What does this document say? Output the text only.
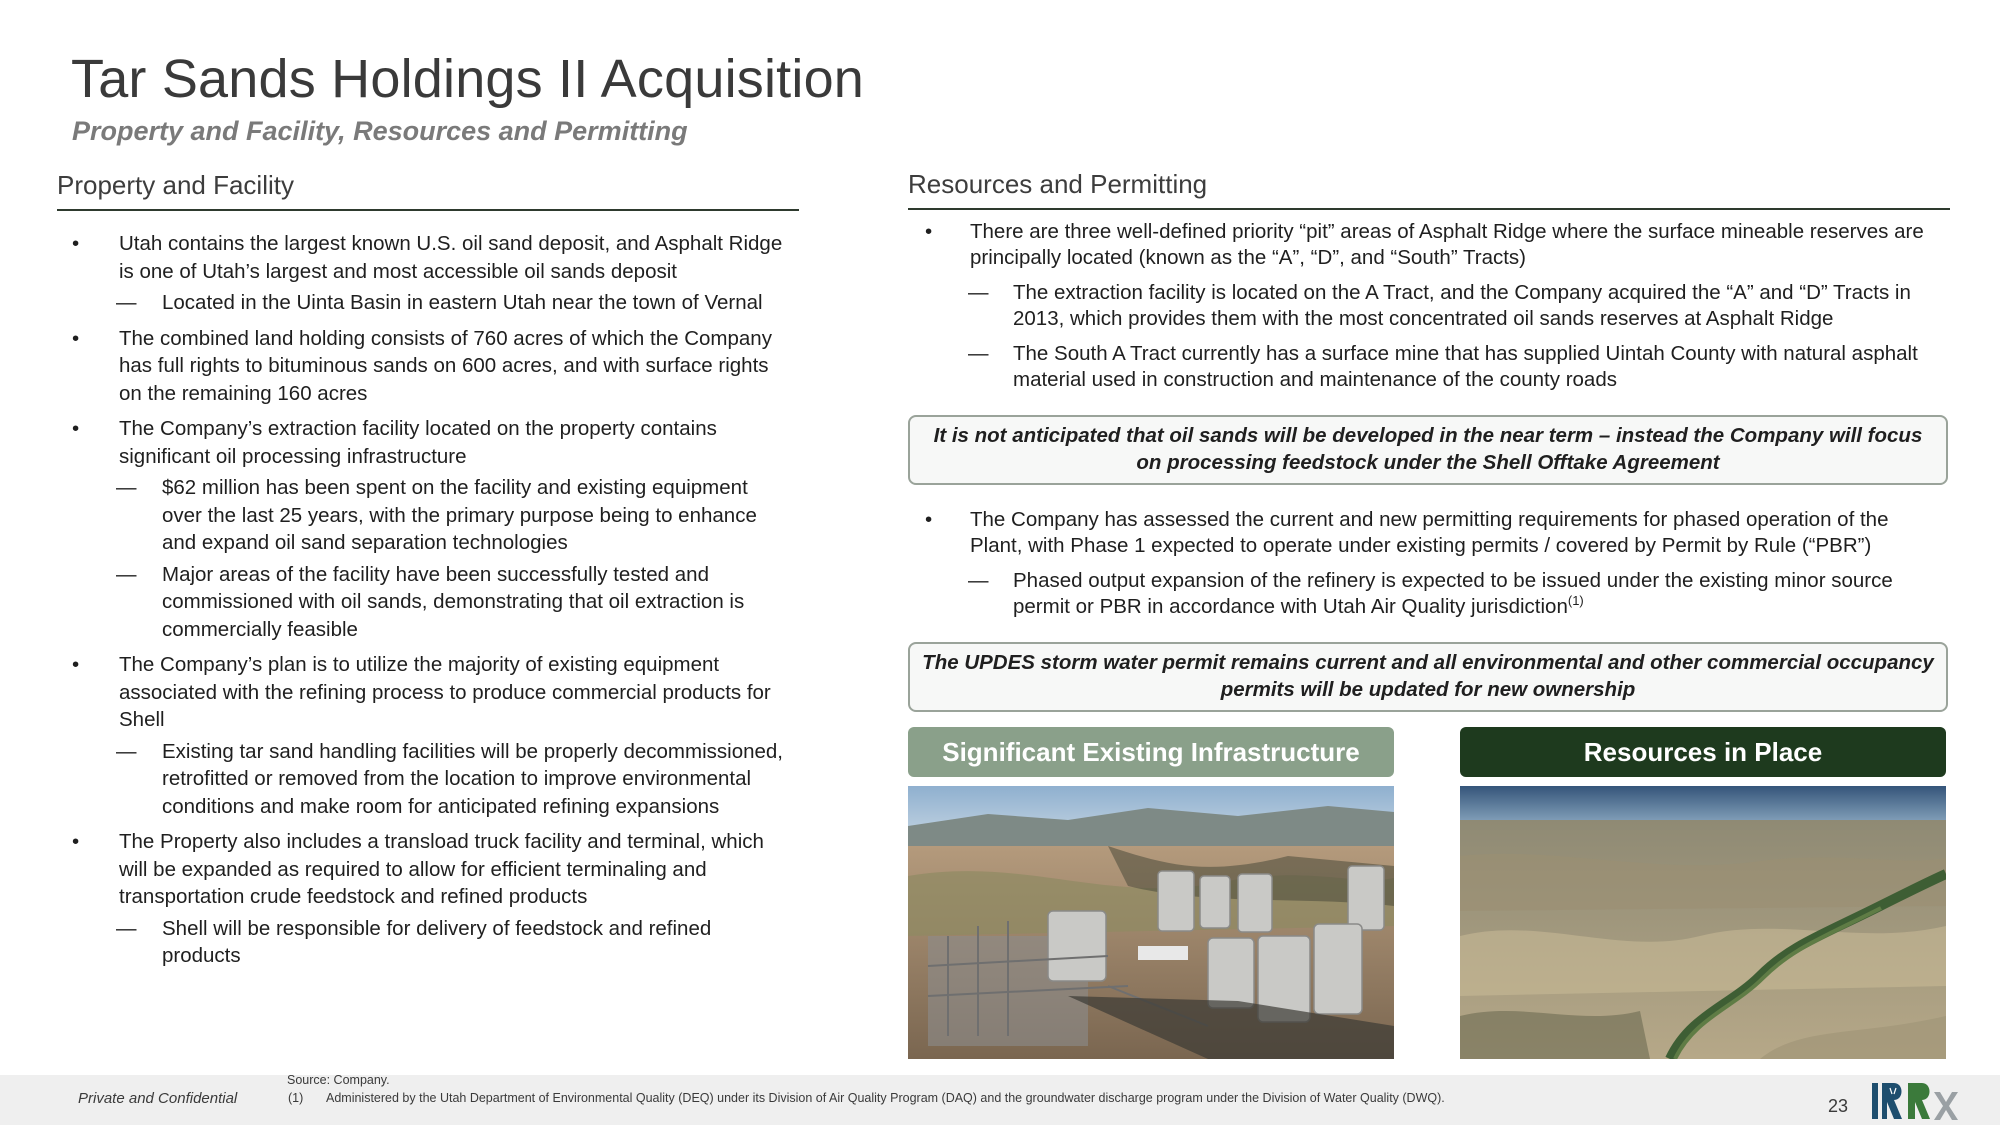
Tar Sands Holdings II Acquisition
Property and Facility, Resources and Permitting
Property and Facility
• Utah contains the largest known U.S. oil sand deposit, and Asphalt Ridge is one of Utah’s largest and most accessible oil sands deposit
— Located in the Uinta Basin in eastern Utah near the town of Vernal
• The combined land holding consists of 760 acres of which the Company has full rights to bituminous sands on 600 acres, and with surface rights on the remaining 160 acres
• The Company’s extraction facility located on the property contains significant oil processing infrastructure
— $62 million has been spent on the facility and existing equipment over the last 25 years, with the primary purpose being to enhance and expand oil sand separation technologies
— Major areas of the facility have been successfully tested and commissioned with oil sands, demonstrating that oil extraction is commercially feasible
• The Company’s plan is to utilize the majority of existing equipment associated with the refining process to produce commercial products for Shell
— Existing tar sand handling facilities will be properly decommissioned, retrofitted or removed from the location to improve environmental conditions and make room for anticipated refining expansions
• The Property also includes a transload truck facility and terminal, which will be expanded as required to allow for efficient terminaling and transportation crude feedstock and refined products
— Shell will be responsible for delivery of feedstock and refined products
Resources and Permitting
• There are three well-defined priority “pit” areas of Asphalt Ridge where the surface mineable reserves are principally located (known as the “A”, “D”, and “South” Tracts)
— The extraction facility is located on the A Tract, and the Company acquired the “A” and “D” Tracts in 2013, which provides them with the most concentrated oil sands reserves at Asphalt Ridge
— The South A Tract currently has a surface mine that has supplied Uintah County with natural asphalt material used in construction and maintenance of the county roads
It is not anticipated that oil sands will be developed in the near term – instead the Company will focus on processing feedstock under the Shell Offtake Agreement
• The Company has assessed the current and new permitting requirements for phased operation of the Plant, with Phase 1 expected to operate under existing permits / covered by Permit by Rule (“PBR”)
— Phased output expansion of the refinery is expected to be issued under the existing minor source permit or PBR in accordance with Utah Air Quality jurisdiction$^{(1)}$
The UPDES storm water permit remains current and all environmental and other commercial occupancy permits will be updated for new ownership
Significant Existing Infrastructure	Resources in Place
Private and Confidential
Source: Company.
(1) Administered by the Utah Department of Environmental Quality (DEQ) under its Division of Air Quality Program (DAQ) and the groundwater discharge program under the Division of Water Quality (DWQ).	23
